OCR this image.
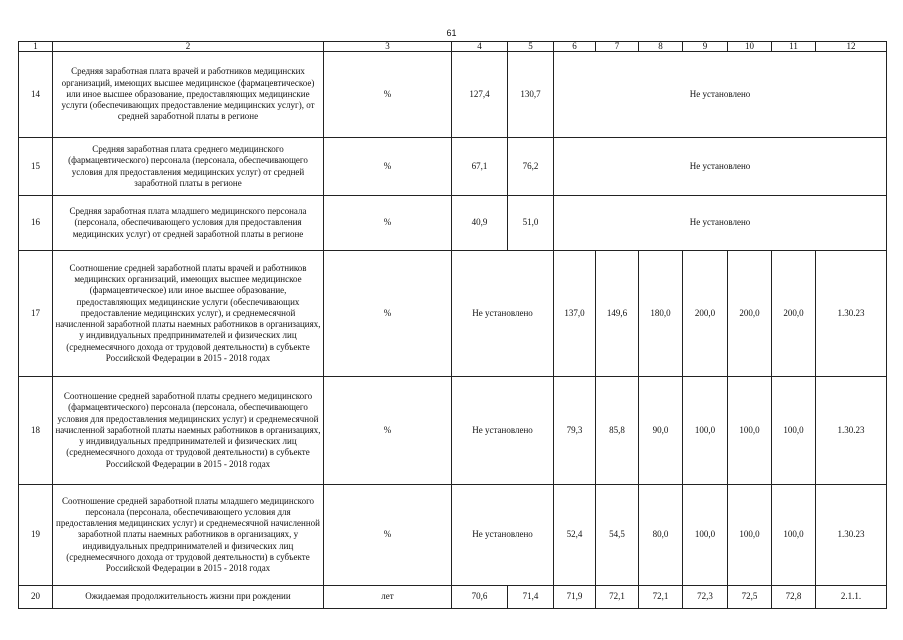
61
1	2	3	4	5	6	7	8	9	10	11	12
14	Средняя заработная плата врачей и работников медицинских организаций, имеющих высшее медицинское (фармацевтическое) или иное высшее образование, предоставляющих медицинские услуги (обеспечивающих предоставление медицинских услуг), от средней заработной платы в регионе	%	127,4	130,7	Не установлено						
15	Средняя заработная плата среднего медицинского (фармацевтического) персонала (персонала, обеспечивающего условия для предоставления медицинских услуг) от средней заработной платы в регионе	%	67,1	76,2	Не установлено						
16	Средняя заработная плата младшего медицинского персонала (персонала, обеспечивающего условия для предоставления медицинских услуг) от средней заработной платы в регионе	%	40,9	51,0	Не установлено						
17	Соотношение средней заработной платы врачей и работников медицинских организаций, имеющих высшее медицинское (фармацевтическое) или иное высшее образование, предоставляющих медицинские услуги (обеспечивающих предоставление медицинских услуг), и среднемесячной начисленной заработной платы наемных работников в организациях, у индивидуальных предпринимателей и физических лиц (среднемесячного дохода от трудовой деятельности) в субъекте Российской Федерации в 2015 - 2018 годах	%	Не установлено		137,0	149,6	180,0	200,0	200,0	200,0	1.30.23
18	Соотношение средней заработной платы среднего медицинского (фармацевтического) персонала (персонала, обеспечивающего условия для предоставления медицинских услуг) и среднемесячной начисленной заработной платы наемных работников в организациях, у индивидуальных предпринимателей и физических лиц (среднемесячного дохода от трудовой деятельности) в субъекте Российской Федерации в 2015 - 2018 годах	%	Не установлено		79,3	85,8	90,0	100,0	100,0	100,0	1.30.23
19	Соотношение средней заработной платы младшего медицинского персонала (персонала, обеспечивающего условия для предоставления медицинских услуг) и среднемесячной начисленной заработной платы наемных работников в организациях, у индивидуальных предпринимателей и физических лиц (среднемесячного дохода от трудовой деятельности) в субъекте Российской Федерации в 2015 - 2018 годах	%	Не установлено		52,4	54,5	80,0	100,0	100,0	100,0	1.30.23
20	Ожидаемая продолжительность жизни при рождении	лет	70,6	71,4	71,9	72,1	72,1	72,3	72,5	72,8	2.1.1.
